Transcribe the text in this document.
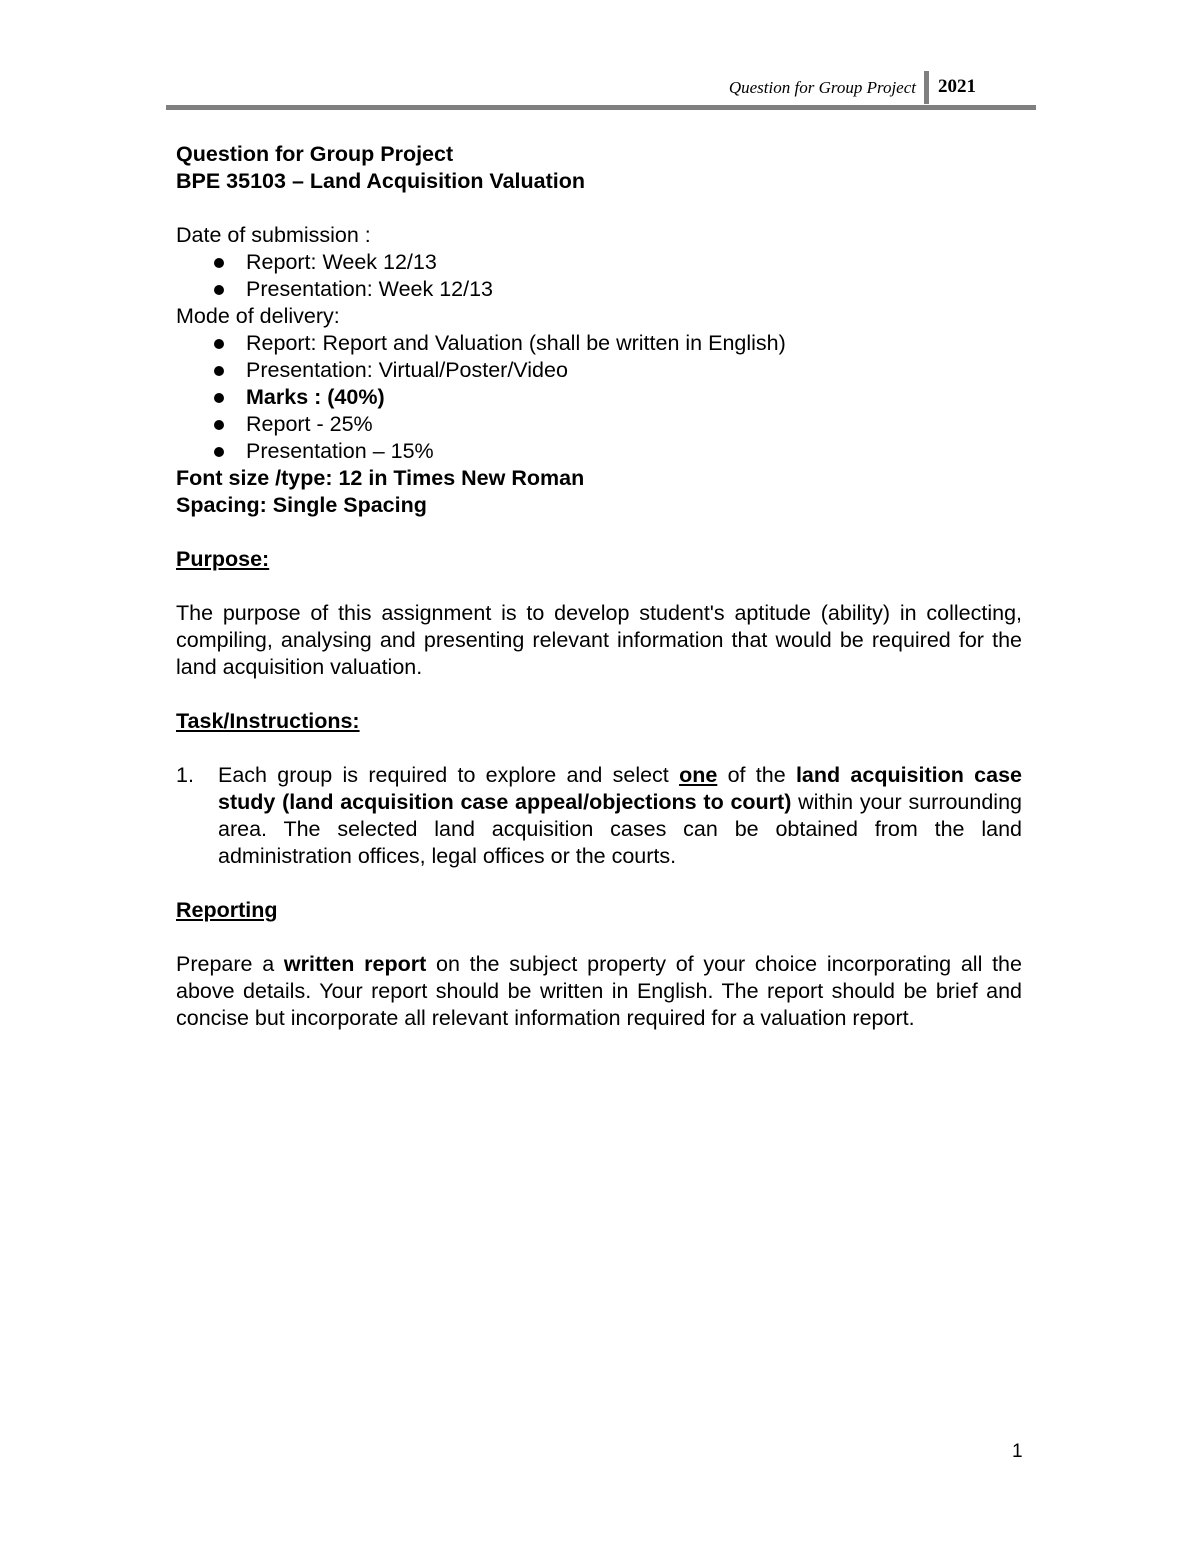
Question for Group Project 2021

Question for Group Project

BPE 35103 – Land Acquisition Valuation

Date of submission :

Report: Week 12/13
Presentation: Week 12/13

Mode of delivery:

Report: Report and Valuation (shall be written in English)
Presentation: Virtual/Poster/Video
Marks : (40%)
Report - 25%
Presentation – 15%

Font size /type: 12 in Times New Roman

Spacing: Single Spacing

Purpose:

The purpose of this assignment is to develop student's aptitude (ability) in collecting, compiling, analysing and presenting relevant information that would be required for the land acquisition valuation.

Task/Instructions:

1. Each group is required to explore and select one of the land acquisition case study (land acquisition case appeal/objections to court) within your surrounding area. The selected land acquisition cases can be obtained from the land administration offices, legal offices or the courts.

Reporting

Prepare a written report on the subject property of your choice incorporating all the above details. Your report should be written in English. The report should be brief and concise but incorporate all relevant information required for a valuation report.

1
